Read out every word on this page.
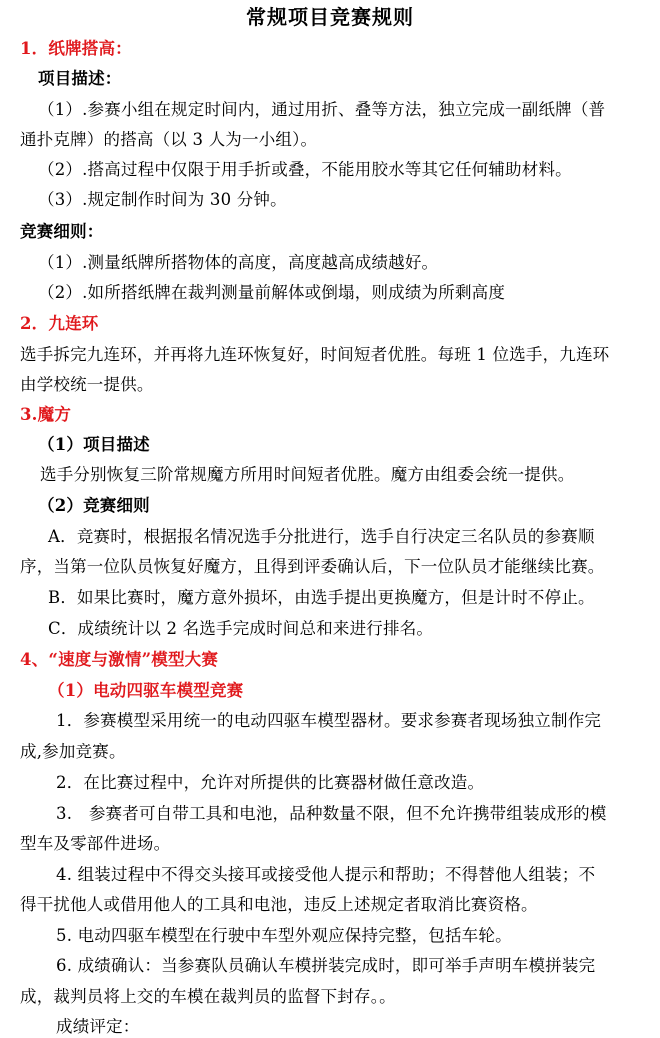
常规项目竞赛规则
1．纸牌搭高：
项目描述：
（1）.参赛小组在规定时间内，通过用折、叠等方法，独立完成一副纸牌（普
通扑克牌）的搭高（以 3 人为一小组）。
（2）.搭高过程中仅限于用手折或叠，不能用胶水等其它任何辅助材料。
（3）.规定制作时间为 30 分钟。
竞赛细则：
（1）.测量纸牌所搭物体的高度，高度越高成绩越好。
（2）.如所搭纸牌在裁判测量前解体或倒塌，则成绩为所剩高度
2．九连环
选手拆完九连环，并再将九连环恢复好，时间短者优胜。每班 1 位选手，九连环
由学校统一提供。
3.魔方
（1）项目描述
选手分别恢复三阶常规魔方所用时间短者优胜。魔方由组委会统一提供。
（2）竞赛细则
A．竞赛时，根据报名情况选手分批进行，选手自行决定三名队员的参赛顺
序，当第一位队员恢复好魔方，且得到评委确认后，下一位队员才能继续比赛。
B．如果比赛时，魔方意外损坏，由选手提出更换魔方，但是计时不停止。
C．成绩统计以 2 名选手完成时间总和来进行排名。
4、“速度与激情”模型大赛
（1）电动四驱车模型竞赛
1．参赛模型采用统一的电动四驱车模型器材。要求参赛者现场独立制作完
成,参加竞赛。
2．在比赛过程中，允许对所提供的比赛器材做任意改造。
3.　参赛者可自带工具和电池，品种数量不限，但不允许携带组装成形的模
型车及零部件进场。
4. 组装过程中不得交头接耳或接受他人提示和帮助；不得替他人组装；不
得干扰他人或借用他人的工具和电池，违反上述规定者取消比赛资格。
5. 电动四驱车模型在行驶中车型外观应保持完整，包括车轮。
6. 成绩确认：当参赛队员确认车模拼装完成时，即可举手声明车模拼装完
成，裁判员将上交的车模在裁判员的监督下封存。。
成绩评定：
